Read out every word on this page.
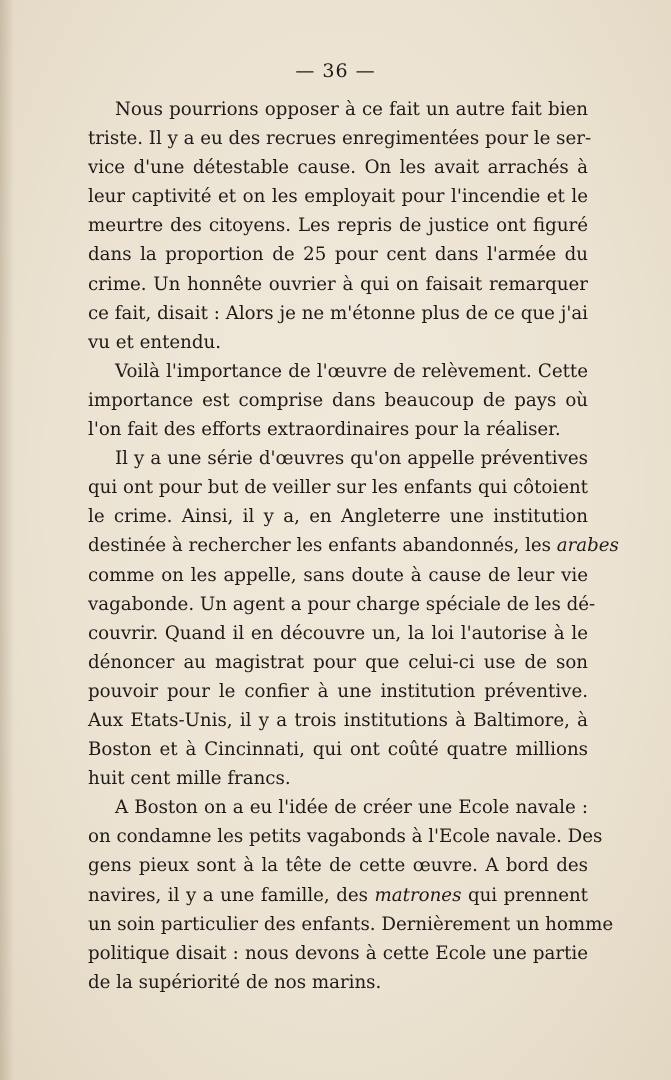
— 36 —
Nous pourrions opposer à ce fait un autre fait bien
triste. Il y a eu des recrues enregimentées pour le ser-
vice d'une détestable cause. On les avait arrachés à
leur captivité et on les employait pour l'incendie et le
meurtre des citoyens. Les repris de justice ont figuré
dans la proportion de 25 pour cent dans l'armée du
crime. Un honnête ouvrier à qui on faisait remarquer
ce fait, disait : Alors je ne m'étonne plus de ce que j'ai
vu et entendu.
Voilà l'importance de l'œuvre de relèvement. Cette
importance est comprise dans beaucoup de pays où
l'on fait des efforts extraordinaires pour la réaliser.
Il y a une série d'œuvres qu'on appelle préventives
qui ont pour but de veiller sur les enfants qui côtoient
le crime. Ainsi, il y a, en Angleterre une institution
destinée à rechercher les enfants abandonnés, les arabes
comme on les appelle, sans doute à cause de leur vie
vagabonde. Un agent a pour charge spéciale de les dé-
couvrir. Quand il en découvre un, la loi l'autorise à le
dénoncer au magistrat pour que celui-ci use de son
pouvoir pour le confier à une institution préventive.
Aux Etats-Unis, il y a trois institutions à Baltimore, à
Boston et à Cincinnati, qui ont coûté quatre millions
huit cent mille francs.
A Boston on a eu l'idée de créer une Ecole navale :
on condamne les petits vagabonds à l'Ecole navale. Des
gens pieux sont à la tête de cette œuvre. A bord des
navires, il y a une famille, des matrones qui prennent
un soin particulier des enfants. Dernièrement un homme
politique disait : nous devons à cette Ecole une partie
de la supériorité de nos marins.
